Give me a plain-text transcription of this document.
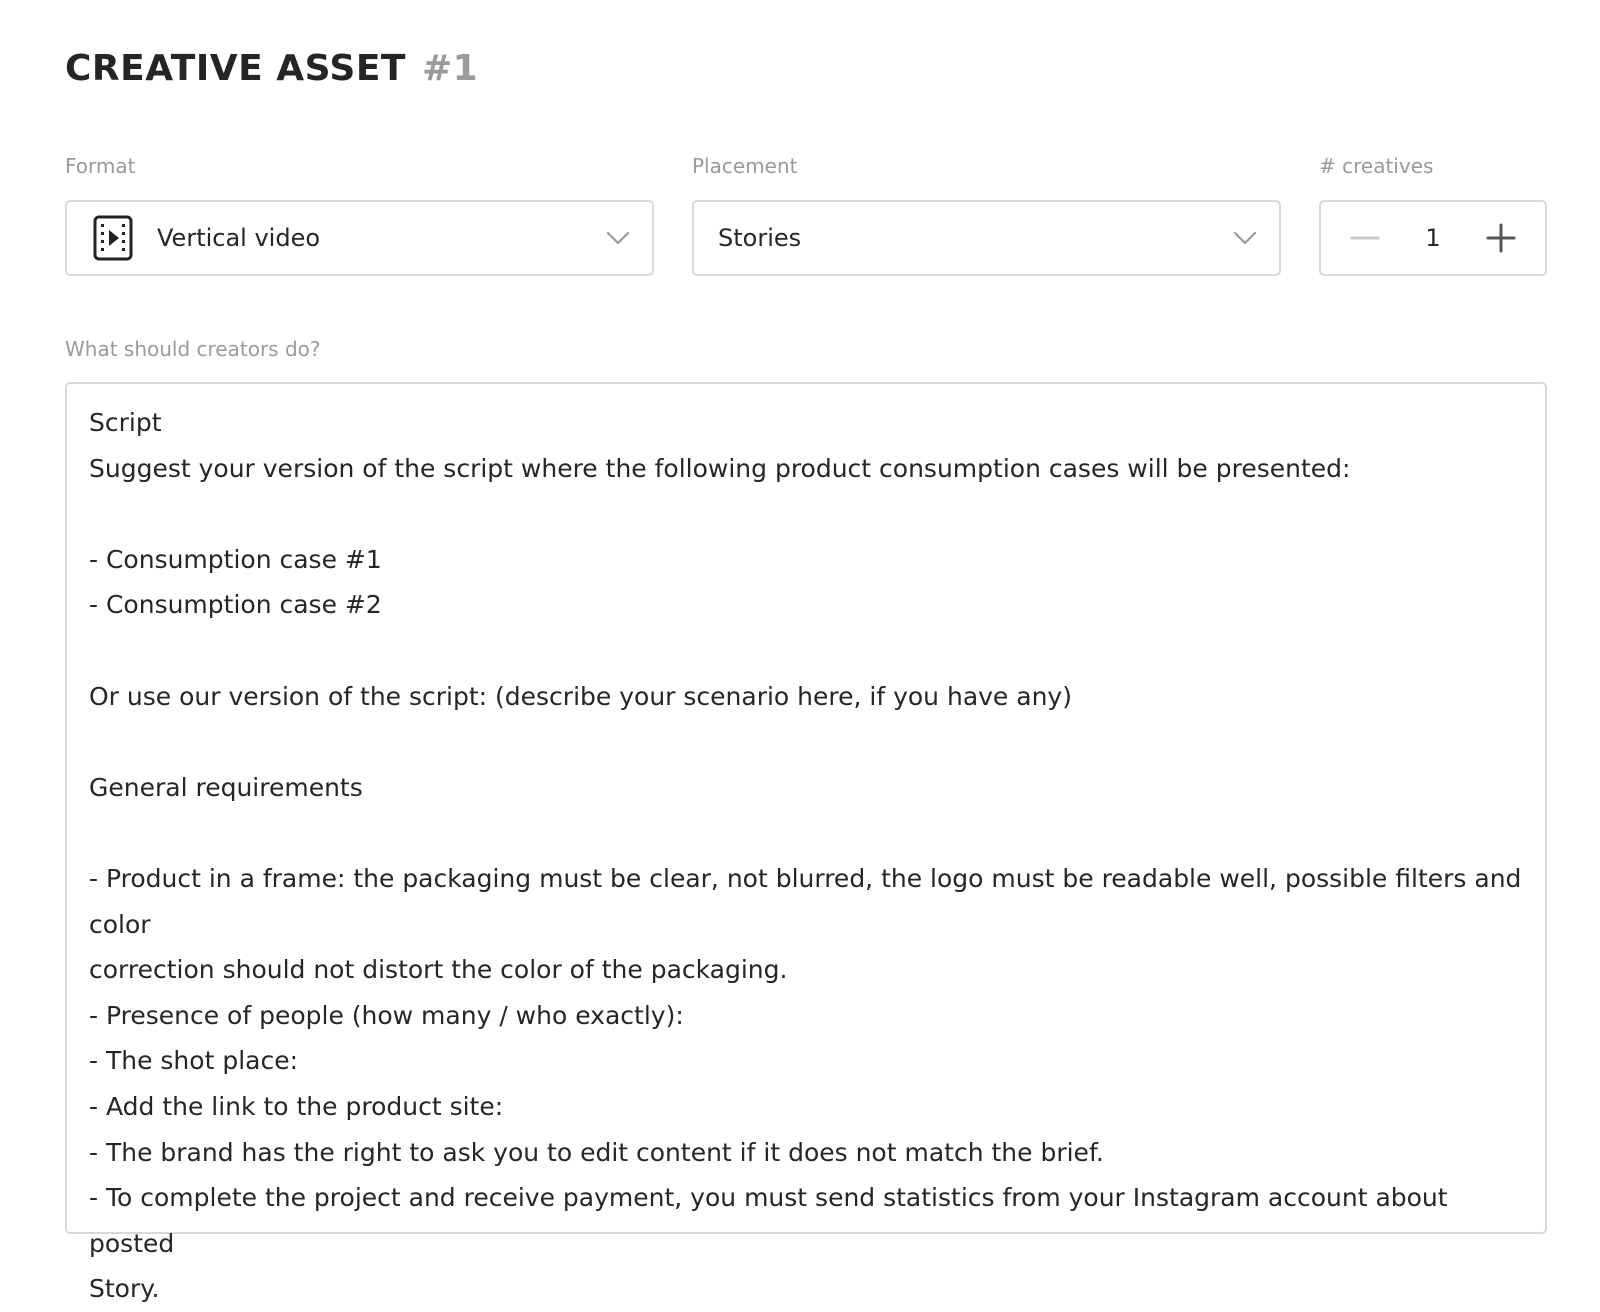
CREATIVE ASSET #1
Format
Vertical video
Placement
Stories
# creatives
1
What should creators do?

Script

Suggest your version of the script where the following product consumption cases will be presented:

- Consumption case #1

- Consumption case #2

Or use our version of the script: (describe your scenario here, if you have any)

General requirements

- Product in a frame: the packaging must be clear, not blurred, the logo must be readable well, possible filters and color

correction should not distort the color of the packaging.

- Presence of people (how many / who exactly):

- The shot place:

- Add the link to the product site:

- The brand has the right to ask you to edit content if it does not match the brief.

- To complete the project and receive payment, you must send statistics from your Instagram account about posted

Story.
